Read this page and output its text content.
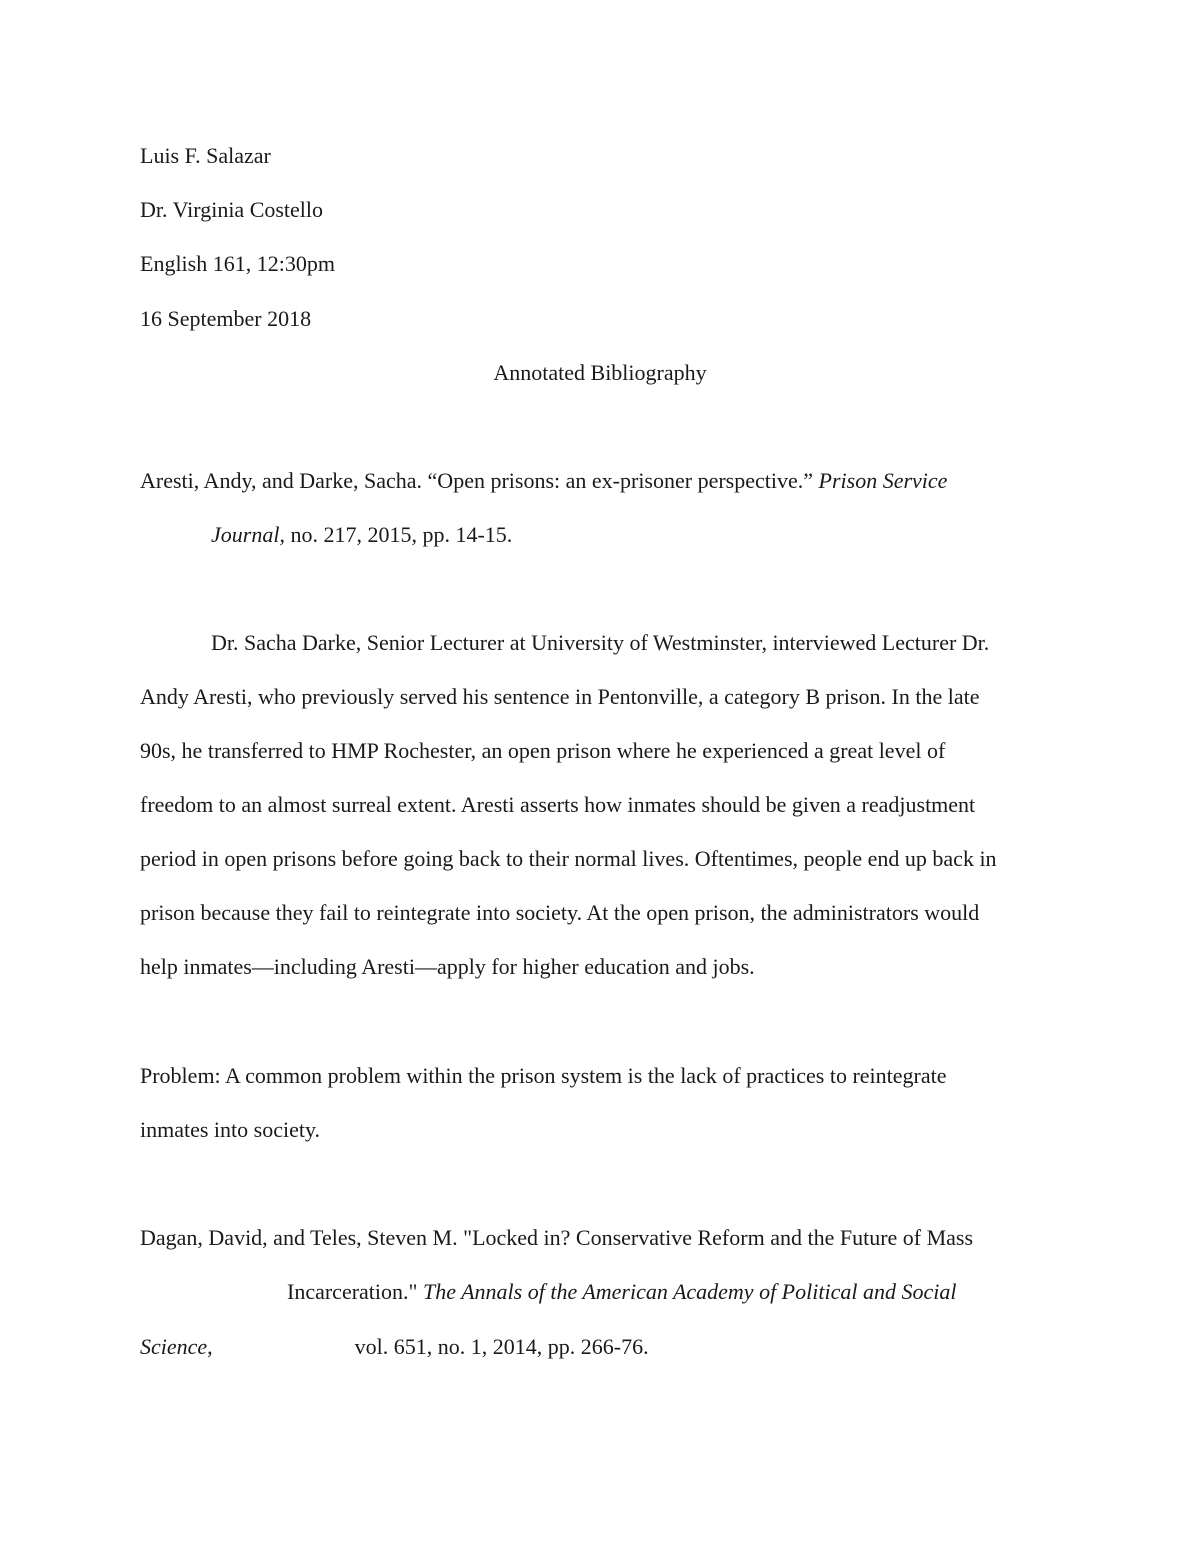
Luis F. Salazar
Dr. Virginia Costello
English 161, 12:30pm
16 September 2018
Annotated Bibliography
Aresti, Andy, and Darke, Sacha. “Open prisons: an ex-prisoner perspective.” Prison Service
Journal, no. 217, 2015, pp. 14-15.
Dr. Sacha Darke, Senior Lecturer at University of Westminster, interviewed Lecturer Dr.
Andy Aresti, who previously served his sentence in Pentonville, a category B prison. In the late
90s, he transferred to HMP Rochester, an open prison where he experienced a great level of
freedom to an almost surreal extent. Aresti asserts how inmates should be given a readjustment
period in open prisons before going back to their normal lives. Oftentimes, people end up back in
prison because they fail to reintegrate into society. At the open prison, the administrators would
help inmates—including Aresti—apply for higher education and jobs.
Problem: A common problem within the prison system is the lack of practices to reintegrate
inmates into society.
Dagan, David, and Teles, Steven M. "Locked in? Conservative Reform and the Future of Mass
Incarceration." The Annals of the American Academy of Political and Social
Science,	vol. 651, no. 1, 2014, pp. 266-76.
